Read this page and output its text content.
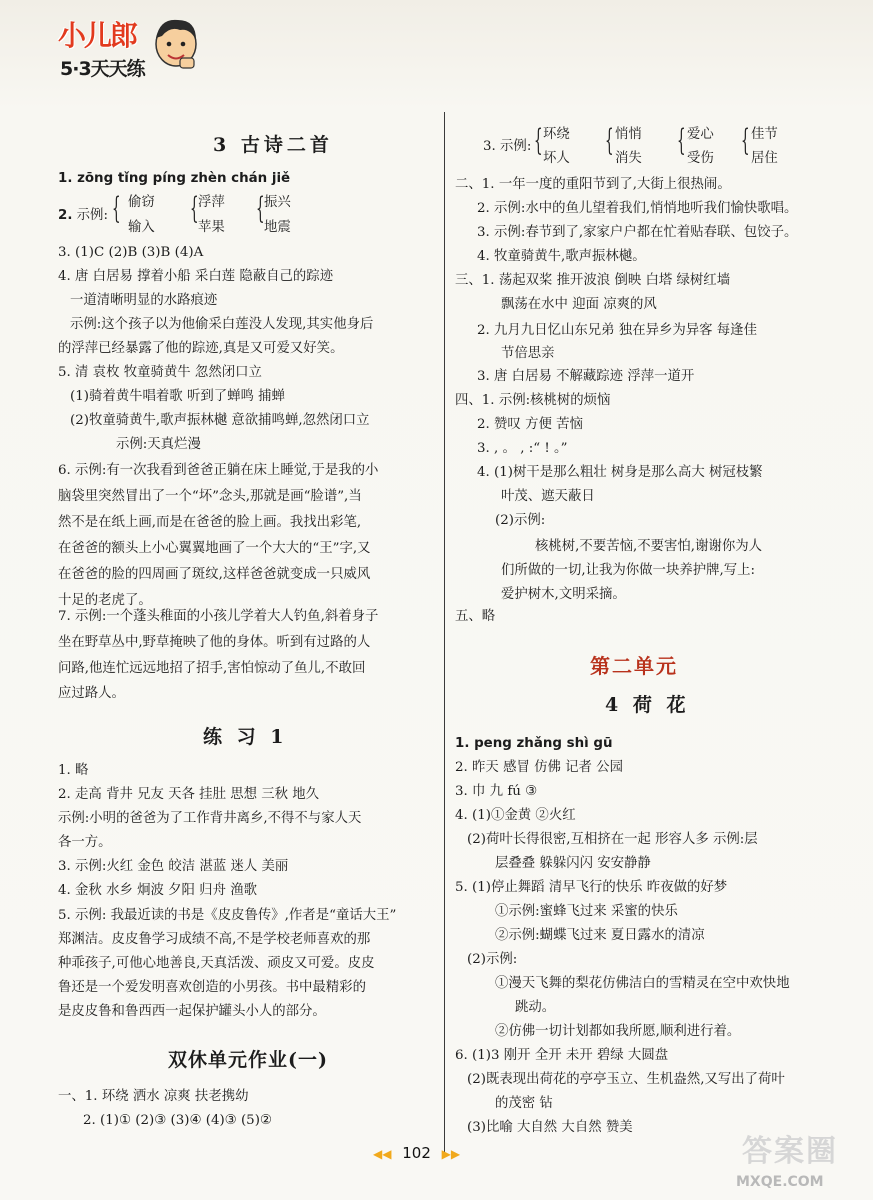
小儿郎
5·3天天练
3 古诗二首
1. zōng tǐng píng zhèn chán jiě
2. 示例: { 偷窃
输入
{ 浮萍
苹果
{ 振兴
地震
3. (1)C (2)B (3)B (4)A
4. 唐 白居易 撑着小船 采白莲 隐蔽自己的踪迹
一道清晰明显的水路痕迹
示例:这个孩子以为他偷采白莲没人发现,其实他身后
的浮萍已经暴露了他的踪迹,真是又可爱又好笑。
5. 清 袁枚 牧童骑黄牛 忽然闭口立
(1)骑着黄牛唱着歌 听到了蝉鸣 捕蝉
(2)牧童骑黄牛,歌声振林樾 意欲捕鸣蝉,忽然闭口立
示例:天真烂漫
6. 示例:有一次我看到爸爸正躺在床上睡觉,于是我的小
脑袋里突然冒出了一个“坏”念头,那就是画“脸谱”,当
然不是在纸上画,而是在爸爸的脸上画。我找出彩笔,
在爸爸的额头上小心翼翼地画了一个大大的“王”字,又
在爸爸的脸的四周画了斑纹,这样爸爸就变成一只威风
十足的老虎了。
7. 示例:一个蓬头稚面的小孩儿学着大人钓鱼,斜着身子
坐在野草丛中,野草掩映了他的身体。听到有过路的人
问路,他连忙远远地招了招手,害怕惊动了鱼儿,不敢回
应过路人。
练 习 1
1. 略
2. 走高 背井 兄友 天各 挂肚 思想 三秋 地久
示例:小明的爸爸为了工作背井离乡,不得不与家人天
各一方。
3. 示例:火红 金色 皎洁 湛蓝 迷人 美丽
4. 金秋 水乡 炯波 夕阳 归舟 渔歌
5. 示例: 我最近读的书是《皮皮鲁传》,作者是“童话大王”
郑渊洁。皮皮鲁学习成绩不高,不是学校老师喜欢的那
种乖孩子,可他心地善良,天真活泼、顽皮又可爱。皮皮
鲁还是一个爱发明喜欢创造的小男孩。书中最精彩的
是皮皮鲁和鲁西西一起保护罐头小人的部分。
双休单元作业(一)
一、1. 环绕 洒水 凉爽 扶老携幼
2. (1)① (2)③ (3)④ (4)③ (5)②
3. 示例: { 环绕
坏人
{ 悄悄
消失
{ 爱心
受伤
{ 佳节
居住
二、1. 一年一度的重阳节到了,大街上很热闹。
2. 示例:水中的鱼儿望着我们,悄悄地听我们愉快歌唱。
3. 示例:春节到了,家家户户都在忙着贴春联、包饺子。
4. 牧童骑黄牛,歌声振林樾。
三、1. 荡起双桨 推开波浪 倒映 白塔 绿树红墙
飘荡在水中 迎面 凉爽的风
2. 九月九日忆山东兄弟 独在异乡为异客 每逢佳
节倍思亲
3. 唐 白居易 不解藏踪迹 浮萍一道开
四、1. 示例:核桃树的烦恼
2. 赞叹 方便 苦恼
3. , 。 , :“ ! 。”
4. (1)树干是那么粗壮 树身是那么高大 树冠枝繁
叶茂、遮天蔽日
(2)示例:
核桃树,不要苦恼,不要害怕,谢谢你为人
们所做的一切,让我为你做一块养护牌,写上:
爱护树木,文明采摘。
五、略
第二单元
4 荷 花
1. peng zhǎng shì gū
2. 昨天 感冒 仿佛 记者 公园
3. 巾 九 fú ③
4. (1)①金黄 ②火红
(2)荷叶长得很密,互相挤在一起 形容人多 示例:层
层叠叠 躲躲闪闪 安安静静
5. (1)停止舞蹈 清早飞行的快乐 昨夜做的好梦
①示例:蜜蜂飞过来 采蜜的快乐
②示例:蝴蝶飞过来 夏日露水的清凉
(2)示例:
①漫天飞舞的梨花仿佛洁白的雪精灵在空中欢快地
跳动。
②仿佛一切计划都如我所愿,顺利进行着。
6. (1)3 刚开 全开 未开 碧绿 大圆盘
(2)既表现出荷花的亭亭玉立、生机盎然,又写出了荷叶
的茂密 钻
(3)比喻 大自然 大自然 赞美
◀◀ 102 ▶▶	答案圈
MXQE.COM
